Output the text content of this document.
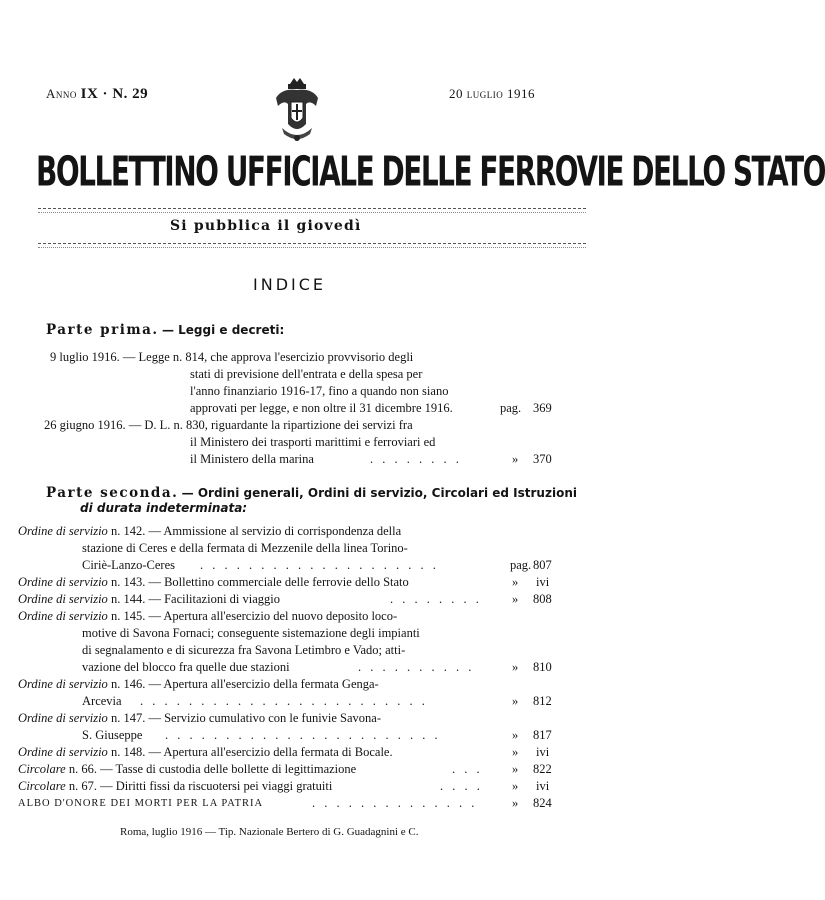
Anno IX · N. 29	20 luglio 1916
BOLLETTINO UFFICIALE DELLE FERROVIE DELLO STATO
Si pubblica il giovedì
INDICE
Parte prima. — Leggi e decreti:
9 luglio 1916. — Legge n. 814, che approva l'esercizio provvisorio degli
stati di previsione dell'entrata e della spesa per
l'anno finanziario 1916-17, fino a quando non siano
approvati per legge, e non oltre il 31 dicembre 1916.	pag. 369
26 giugno 1916. — D. L. n. 830, riguardante la ripartizione dei servizi fra
il Ministero dei trasporti marittimi e ferroviari ed
il Ministero della marina	. . . . . . . .	» 370
Parte seconda. — Ordini generali, Ordini di servizio, Circolari ed Istruzioni
di durata indeterminata:
Ordine di servizio n. 142. — Ammissione al servizio di corrispondenza della
stazione di Ceres e della fermata di Mezzenile della linea Torino-
Ciriè-Lanzo-Ceres . . . . . . . . . . . . . . . . . . . .	pag. 807
Ordine di servizio n. 143. — Bollettino commerciale delle ferrovie dello Stato	» ivi
Ordine di servizio n. 144. — Facilitazioni di viaggio	. . . . . . . . » 808
Ordine di servizio n. 145. — Apertura all'esercizio del nuovo deposito loco-
motive di Savona Fornaci; conseguente sistemazione degli impianti
di segnalamento e di sicurezza fra Savona Letimbro e Vado; atti-
vazione del blocco fra quelle due stazioni	. . . . . . . . . .	» 810
Ordine di servizio n. 146. — Apertura all'esercizio della fermata Genga-
Arcevia . . . . . . . . . . . . . . . . . . . . . . . .	» 812
Ordine di servizio n. 147. — Servizio cumulativo con le funivie Savona-
S. Giuseppe . . . . . . . . . . . . . . . . . . . . . . .	» 817
Ordine di servizio n. 148. — Apertura all'esercizio della fermata di Bocale.	» ivi
Circolare n. 66. — Tasse di custodia delle bollette di legittimazione	. . . » 822
Circolare n. 67. — Diritti fissi da riscuotersi pei viaggi gratuiti	. . . . » ivi
ALBO D'ONORE DEI MORTI PER LA PATRIA	. . . . . . . . . . . . . .	» 824
Roma, luglio 1916 — Tip. Nazionale Bertero di G. Guadagnini e C.
